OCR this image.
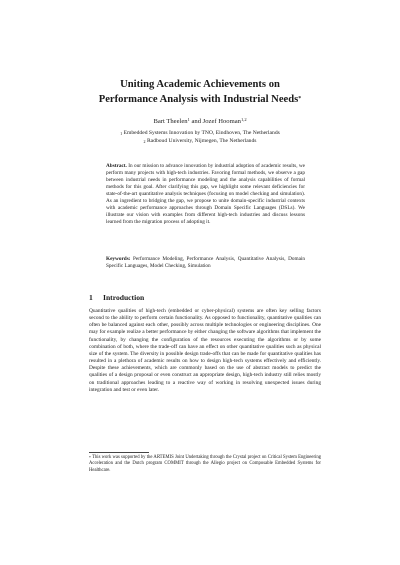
Uniting Academic Achievements on
Performance Analysis with Industrial Needs*
Bart Theelen$^1$ and Jozef Hooman$^{1,2}$
$^1$ Embedded Systems Innovation by TNO, Eindhoven, The Netherlands
$^2$ Radboud University, Nijmegen, The Netherlands
Abstract. In our mission to advance innovation by industrial adoption of academic results, we perform many projects with high-tech industries. Favoring formal methods, we observe a gap between industrial needs in performance modeling and the analysis capabilities of formal methods for this goal. After clarifying this gap, we highlight some relevant deficiencies for state-of-the-art quantitative analysis techniques (focusing on model checking and simulation). As an ingredient to bridging the gap, we propose to unite domain-specific industrial contexts with academic performance approaches through Domain Specific Languages (DSLs). We illustrate our vision with examples from different high-tech industries and discuss lessons learned from the migration process of adopting it.
Keywords: Performance Modeling, Performance Analysis, Quantitative Analysis, Domain Specific Languages, Model Checking, Simulation
1 Introduction
Quantitative qualities of high-tech (embedded or cyber-physical) systems are often key selling factors second to the ability to perform certain functionality. As opposed to functionality, quantitative qualities can often be balanced against each other, possibly across multiple technologies or engineering disciplines. One may for example realize a better performance by either changing the software algorithms that implement the functionality, by changing the configuration of the resources executing the algorithms or by some combination of both, where the trade-off can have an effect on other quantitative qualities such as physical size of the system. The diversity in possible design trade-offs that can be made for quantitative qualities has resulted in a plethora of academic results on how to design high-tech systems effectively and efficiently. Despite these achievements, which are commonly based on the use of abstract models to predict the qualities of a design proposal or even construct an appropriate design, high-tech industry still relies mostly on traditional approaches leading to a reactive way of working in resolving unexpected issues during integration and test or even later.
* This work was supported by the ARTEMIS Joint Undertaking through the Crystal project on Critical System Engineering Acceleration and the Dutch program COMMIT through the Allegio project on Composable Embedded Systems for Healthcare.
